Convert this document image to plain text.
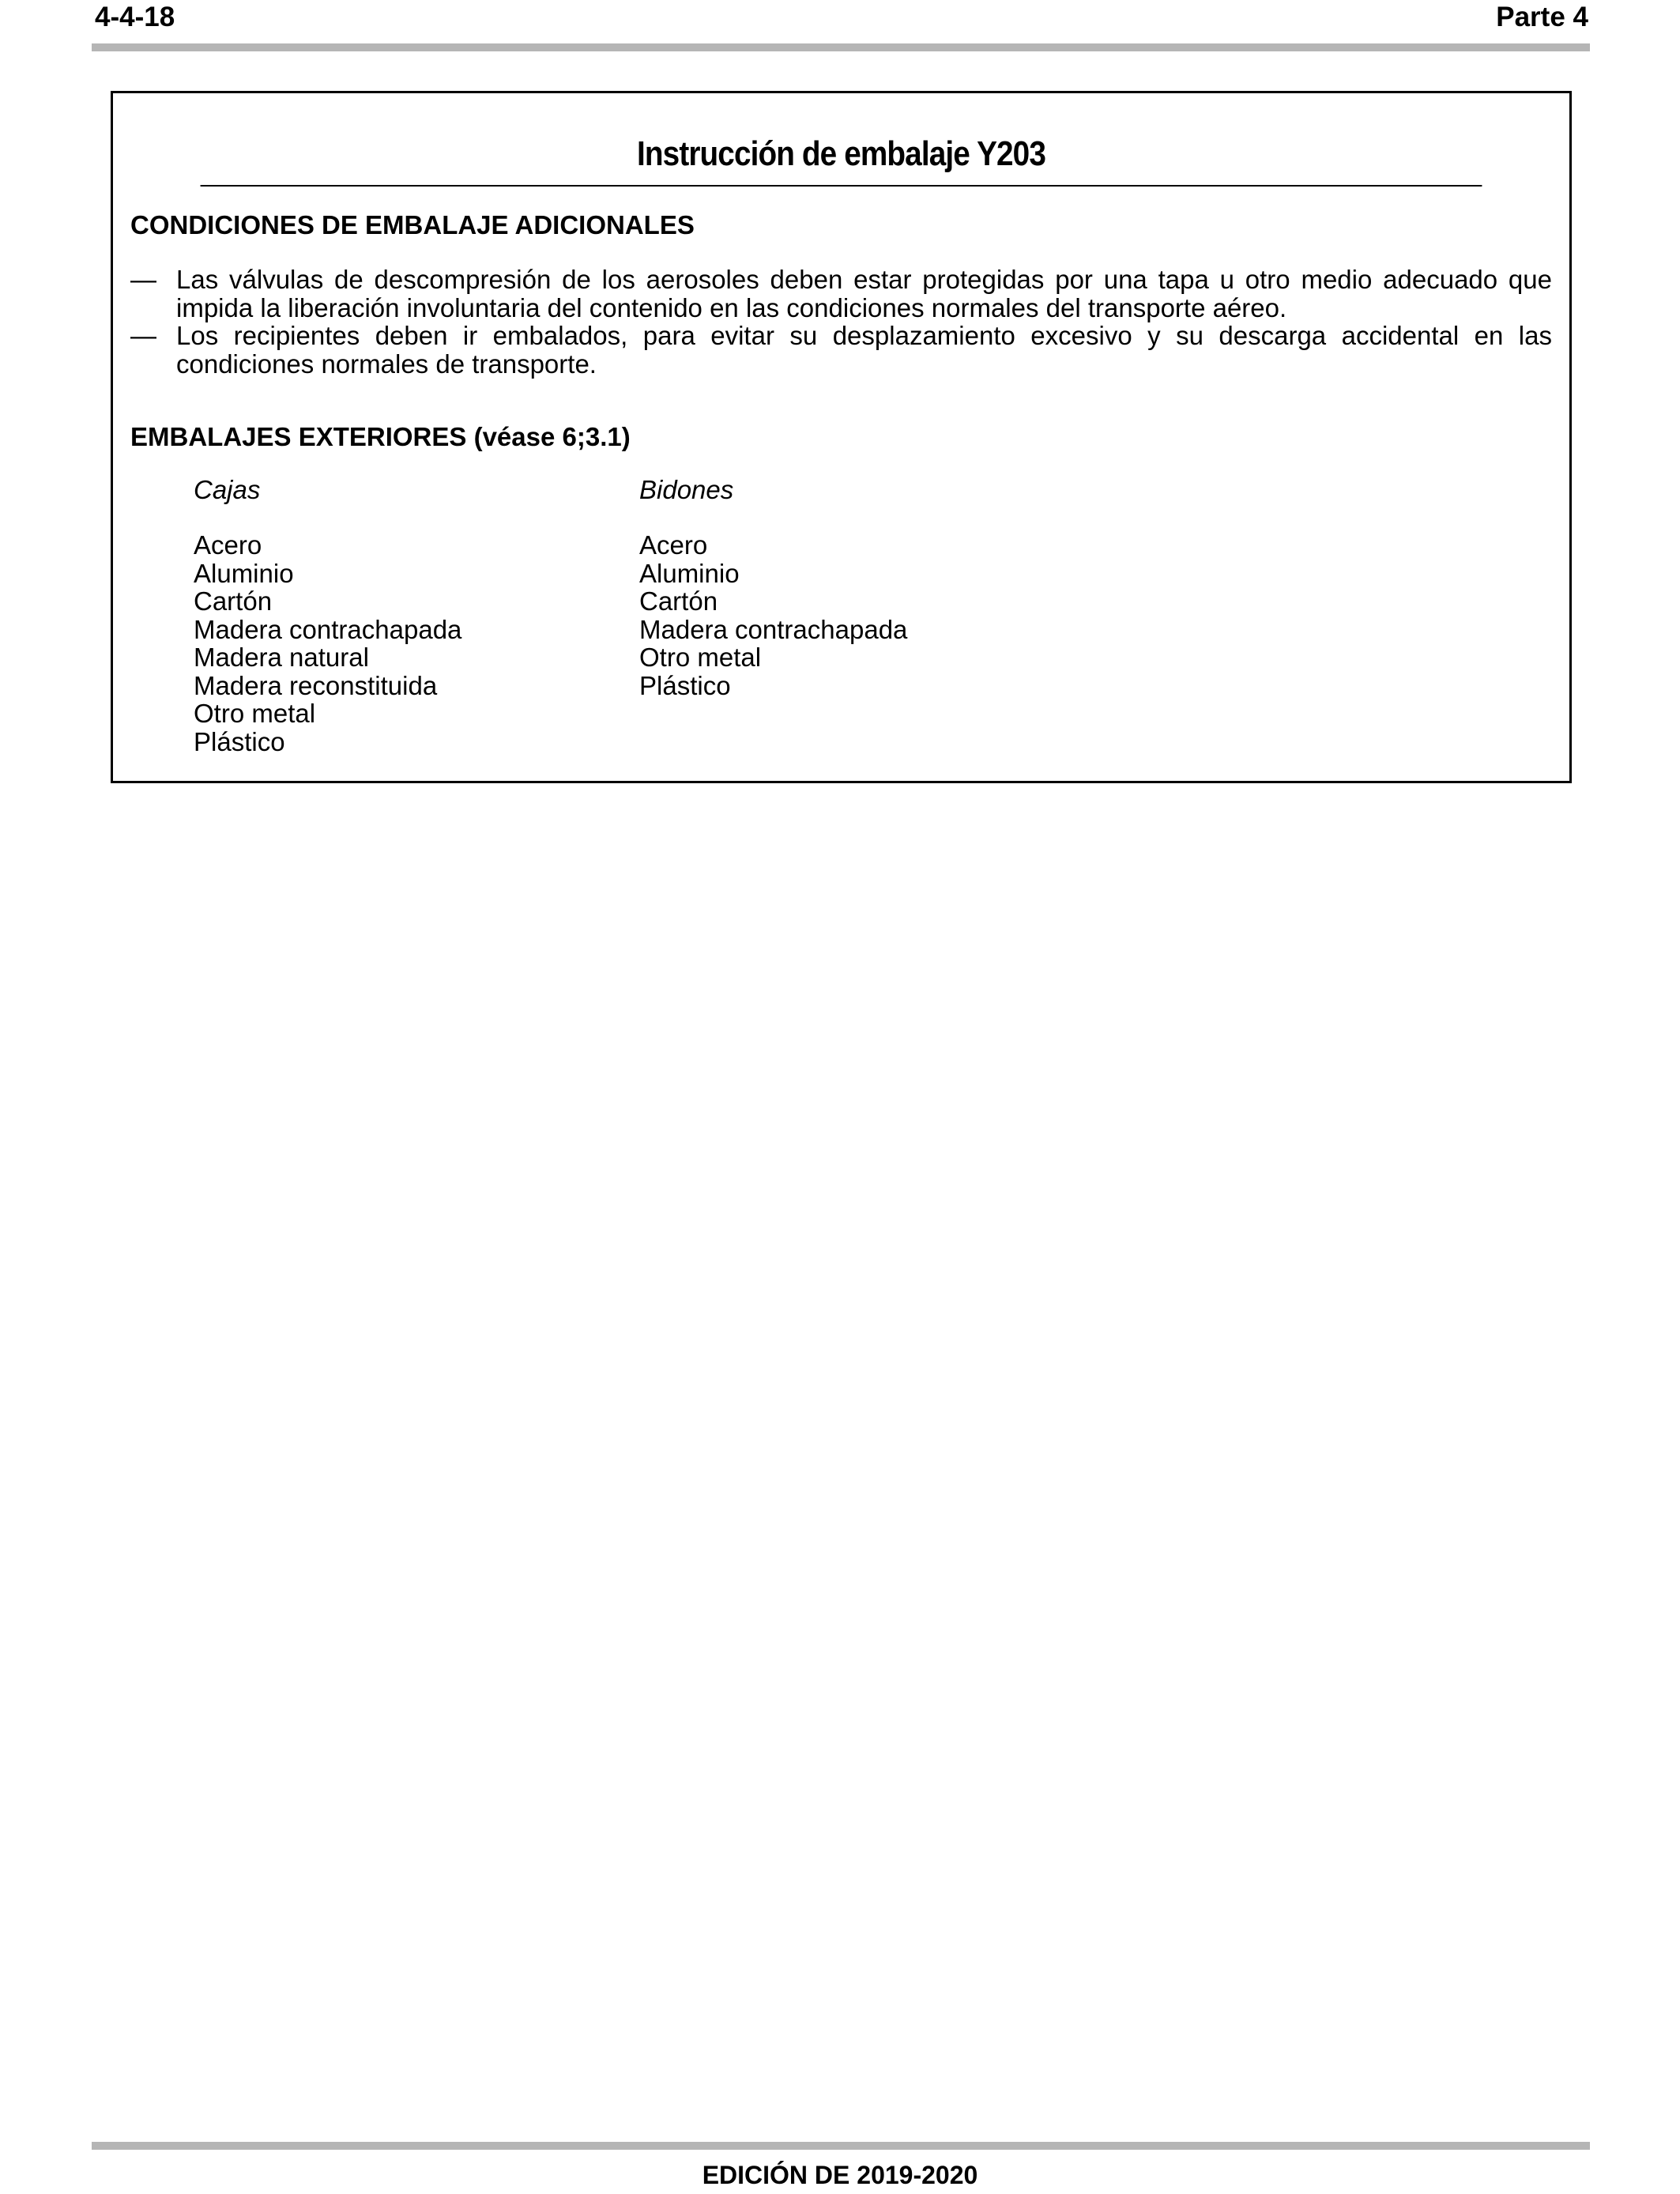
4-4-18	Parte 4
Instrucción de embalaje Y203
CONDICIONES DE EMBALAJE ADICIONALES
— Las válvulas de descompresión de los aerosoles deben estar protegidas por una tapa u otro medio adecuado que impida la liberación involuntaria del contenido en las condiciones normales del transporte aéreo.
— Los recipientes deben ir embalados, para evitar su desplazamiento excesivo y su descarga accidental en las condiciones normales de transporte.
EMBALAJES EXTERIORES (véase 6;3.1)
Cajas
Acero
Aluminio
Cartón
Madera contrachapada
Madera natural
Madera reconstituida
Otro metal
Plástico
Bidones
Acero
Aluminio
Cartón
Madera contrachapada
Otro metal
Plástico
EDICIÓN DE 2019-2020
